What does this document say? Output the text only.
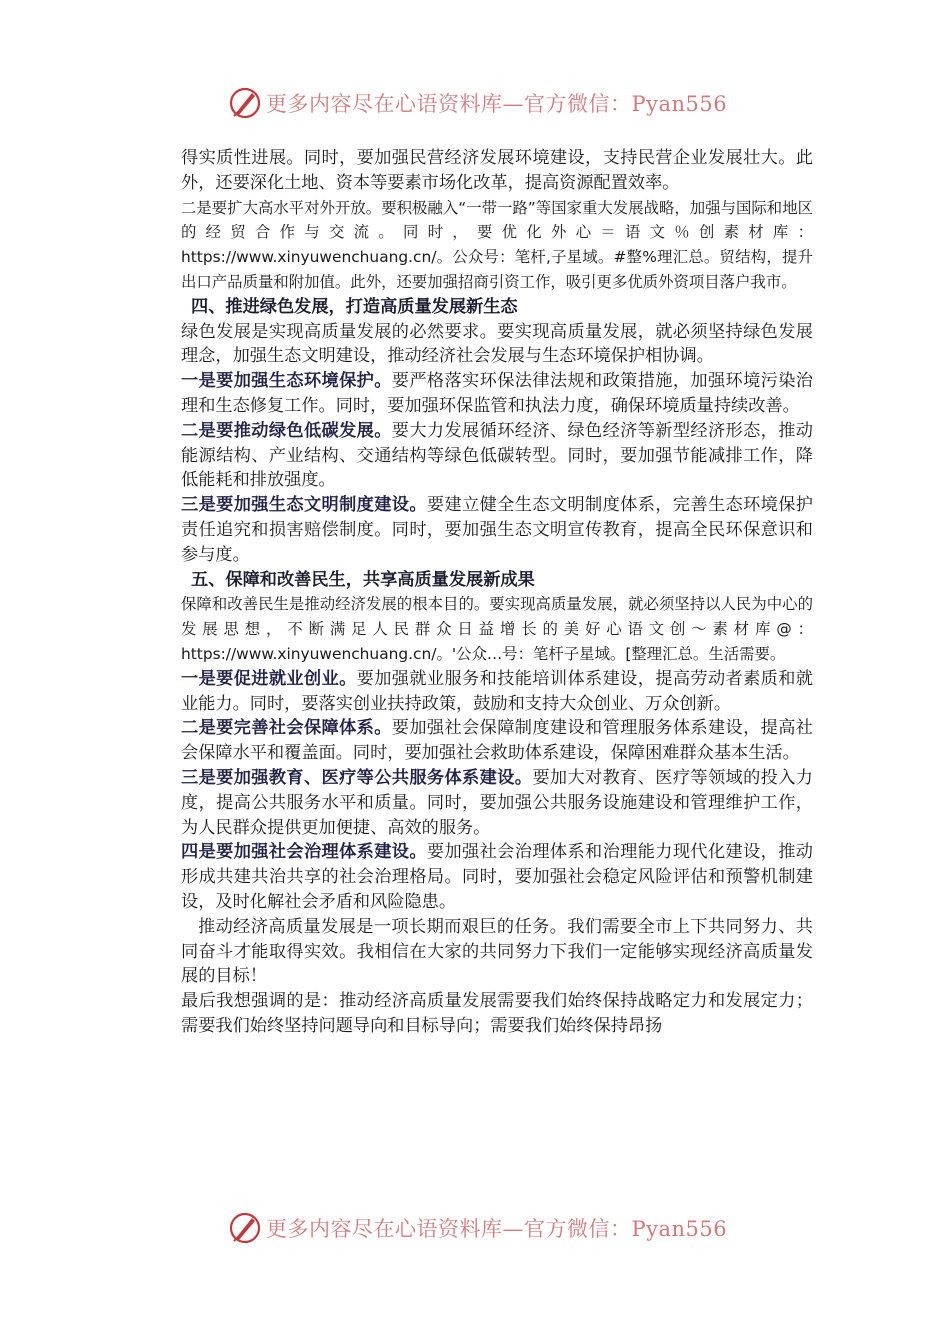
更多内容尽在心语资料库—官方微信：Pyan556

得实质性进展。同时，要加强民营经济发展环境建设，支持民营企业发展壮大。此外，还要深化土地、资本等要素市场化改革，提高资源配置效率。

二是要扩大高水平对外开放。要积极融入“一带一路”等国家重大发展战略，加强与国际和地区的经贸合作与交流。同时，要优化外心＝语文％创素材库：https://www.xinyuwenchuang.cn/。公众号：笔杆,子星域。#整%理汇总。贸结构，提升出口产品质量和附加值。此外，还要加强招商引资工作，吸引更多优质外资项目落户我市。

四、推进绿色发展，打造高质量发展新生态

绿色发展是实现高质量发展的必然要求。要实现高质量发展，就必须坚持绿色发展理念，加强生态文明建设，推动经济社会发展与生态环境保护相协调。

一是要加强生态环境保护。要严格落实环保法律法规和政策措施，加强环境污染治理和生态修复工作。同时，要加强环保监管和执法力度，确保环境质量持续改善。

二是要推动绿色低碳发展。要大力发展循环经济、绿色经济等新型经济形态，推动能源结构、产业结构、交通结构等绿色低碳转型。同时，要加强节能减排工作，降低能耗和排放强度。

三是要加强生态文明制度建设。要建立健全生态文明制度体系，完善生态环境保护责任追究和损害赔偿制度。同时，要加强生态文明宣传教育，提高全民环保意识和参与度。

五、保障和改善民生，共享高质量发展新成果

保障和改善民生是推动经济发展的根本目的。要实现高质量发展，就必须坚持以人民为中心的发展思想，不断满足人民群众日益增长的美好心语文创～素材库@：https://www.xinyuwenchuang.cn/。'公众…号：笔杆子星域。[整理汇总。生活需要。

一是要促进就业创业。要加强就业服务和技能培训体系建设，提高劳动者素质和就业能力。同时，要落实创业扶持政策，鼓励和支持大众创业、万众创新。

二是要完善社会保障体系。要加强社会保障制度建设和管理服务体系建设，提高社会保障水平和覆盖面。同时，要加强社会救助体系建设，保障困难群众基本生活。

三是要加强教育、医疗等公共服务体系建设。要加大对教育、医疗等领域的投入力度，提高公共服务水平和质量。同时，要加强公共服务设施建设和管理维护工作，为人民群众提供更加便捷、高效的服务。

四是要加强社会治理体系建设。要加强社会治理体系和治理能力现代化建设，推动形成共建共治共享的社会治理格局。同时，要加强社会稳定风险评估和预警机制建设，及时化解社会矛盾和风险隐患。

推动经济高质量发展是一项长期而艰巨的任务。我们需要全市上下共同努力、共同奋斗才能取得实效。我相信在大家的共同努力下我们一定能够实现经济高质量发展的目标！

最后我想强调的是：推动经济高质量发展需要我们始终保持战略定力和发展定力；需要我们始终坚持问题导向和目标导向；需要我们始终保持昂扬

更多内容尽在心语资料库—官方微信：Pyan556
